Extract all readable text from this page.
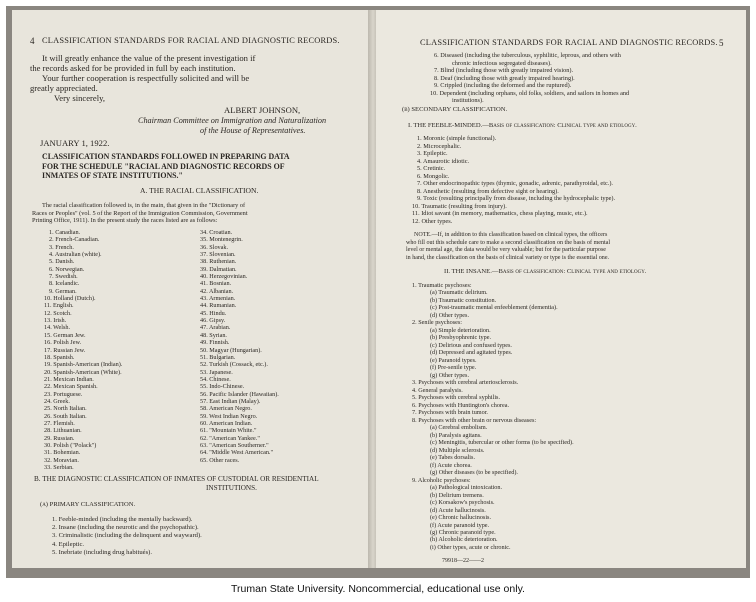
4 CLASSIFICATION STANDARDS FOR RACIAL AND DIAGNOSTIC RECORDS.
It will greatly enhance the value of the present investigation if
the records asked for be provided in full by each institution.
Your further cooperation is respectfully solicited and will be
greatly appreciated.
Very sincerely,
ALBERT JOHNSON,
Chairman Committee on Immigration and Naturalization
of the House of Representatives.
JANUARY 1, 1922.
CLASSIFICATION STANDARDS FOLLOWED IN PREPARING DATA
FOR THE SCHEDULE "RACIAL AND DIAGNOSTIC RECORDS OF
INMATES OF STATE INSTITUTIONS."
A. THE RACIAL CLASSIFICATION.
The racial classification followed is, in the main, that given in the "Dictionary of
Races or Peoples" (vol. 5 of the Report of the Immigration Commission, Government
Printing Office, 1911). In the present study the races listed are as follows:
1. Canadian.
2. French-Canadian.
3. French.
4. Australian (white).
5. Danish.
6. Norwegian.
7. Swedish.
8. Icelandic.
9. German.
10. Holland (Dutch).
11. English.
12. Scotch.
13. Irish.
14. Welsh.
15. German Jew.
16. Polish Jew.
17. Russian Jew.
18. Spanish.
19. Spanish-American (Indian).
20. Spanish-American (White).
21. Mexican Indian.
22. Mexican Spanish.
23. Portuguese.
24. Greek.
25. North Italian.
26. South Italian.
27. Flemish.
28. Lithuanian.
29. Russian.
30. Polish ("Polack")
31. Bohemian.
32. Moravian.
33. Serbian.
34. Croatian.
35. Montenegrin.
36. Slovak.
37. Slovenian.
38. Ruthenian.
39. Dalmatian.
40. Herzegovinian.
41. Bosnian.
42. Albanian.
43. Armenian.
44. Rumanian.
45. Hindu.
46. Gipsy.
47. Arabian.
48. Syrian.
49. Finnish.
50. Magyar (Hungarian).
51. Bulgarian.
52. Turkish (Cossack, etc.).
53. Japanese.
54. Chinese.
55. Indo-Chinese.
56. Pacific Islander (Hawaiian).
57. East Indian (Malay).
58. American Negro.
59. West Indian Negro.
60. American Indian.
61. "Mountain White."
62. "American Yankee."
63. "American Southerner."
64. "Middle West American."
65. Other races.
B. THE DIAGNOSTIC CLASSIFICATION OF INMATES OF CUSTODIAL OR RESIDENTIAL
INSTITUTIONS.
(a) PRIMARY CLASSIFICATION.
1. Feeble-minded (including the mentally backward).
2. Insane (including the neurotic and the psychopathic).
3. Criminalistic (including the delinquent and wayward).
4. Epileptic.
5. Inebriate (including drug habitués).
CLASSIFICATION STANDARDS FOR RACIAL AND DIAGNOSTIC RECORDS. 5
6. Diseased (including the tuberculous, syphilitic, leprous, and others with
chronic infectious segregated diseases).
7. Blind (including those with greatly impaired vision).
8. Deaf (including those with greatly impaired hearing).
9. Crippled (including the deformed and the ruptured).
10. Dependent (including orphans, old folks, soldiers, and sailors in homes and
institutions).
(b) SECONDARY CLASSIFICATION.
I. THE FEEBLE-MINDED.—Basis of classification: Clinical type and etiology.
1. Moronic (simple functional).
2. Microcephalic.
3. Epileptic.
4. Amaurotic idiotic.
5. Cretinic.
6. Mongolic.
7. Other endocrinopathic types (thymic, gonadic, adrenic, parathyroidal, etc.).
8. Anesthetic (resulting from defective sight or hearing).
9. Toxic (resulting principally from disease, including the hydrocephalic type).
10. Traumatic (resulting from injury).
11. Idiot savant (in memory, mathematics, chess playing, music, etc.).
12. Other types.
NOTE.—If, in addition to this classification based on clinical types, the officers
who fill out this schedule care to make a second classification on the basis of mental
level or mental age, the data would be very valuable; but for the particular purpose
in hand, the classification on the basis of clinical variety or type is the essential one.
II. THE INSANE.—Basis of classification: Clinical type and etiology.
1. Traumatic psychoses:
(a) Traumatic delirium.
(b) Traumatic constitution.
(c) Post-traumatic mental enfeeblement (dementia).
(d) Other types.
2. Senile psychoses:
(a) Simple deterioration.
(b) Presbyophrenic type.
(c) Delirious and confused types.
(d) Depressed and agitated types.
(e) Paranoid types.
(f) Pre-senile type.
(g) Other types.
3. Psychoses with cerebral arteriosclerosis.
4. General paralysis.
5. Psychoses with cerebral syphilis.
6. Psychoses with Huntington's chorea.
7. Psychoses with brain tumor.
8. Psychoses with other brain or nervous diseases:
(a) Cerebral embolism.
(b) Paralysis agitans.
(c) Meningitis, tubercular or other forms (to be specified).
(d) Multiple sclerosis.
(e) Tabes dorsalis.
(f) Acute chorea.
(g) Other diseases (to be specified).
9. Alcoholic psychoses:
(a) Pathological intoxication.
(b) Delirium tremens.
(c) Korsakow's psychosis.
(d) Acute hallucinosis.
(e) Chronic hallucinosis.
(f) Acute paranoid type.
(g) Chronic paranoid type.
(h) Alcoholic deterioration.
(i) Other types, acute or chronic.
79918—22——2
Truman State University. Noncommercial, educational use only.
